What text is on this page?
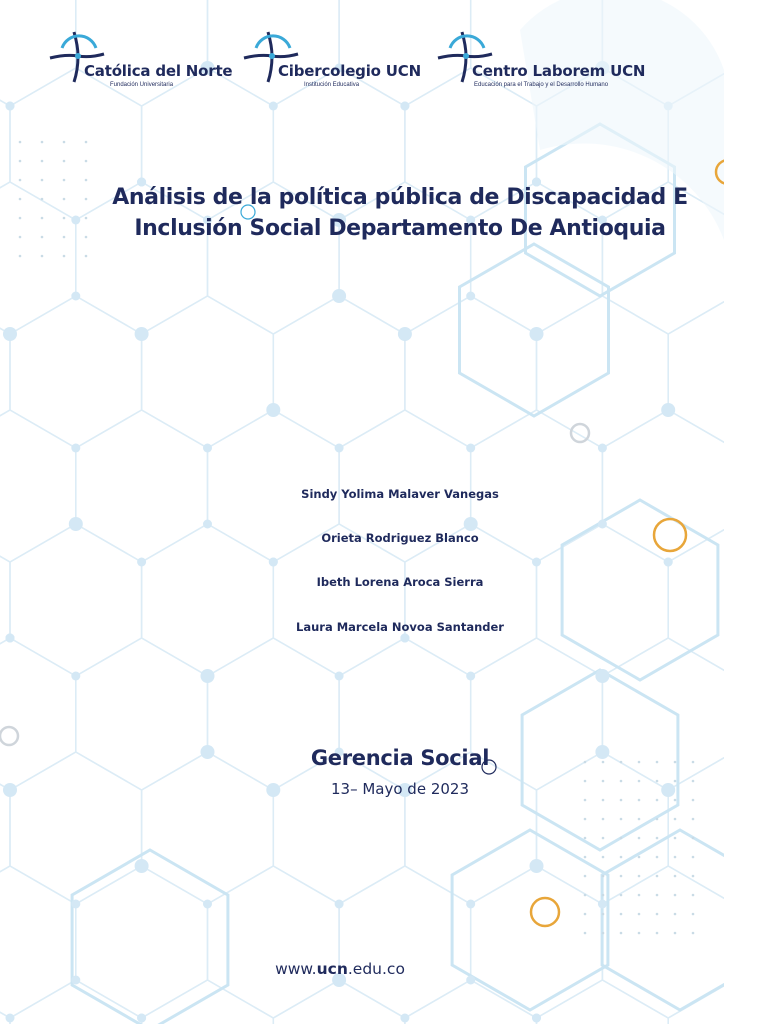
Católica del Norte
Fundación Universitaria
Cibercolegio UCN
Institución Educativa
Centro Laborem UCN
Educación para el Trabajo y el Desarrollo Humano
Análisis de la política pública de Discapacidad E
Inclusión Social Departamento De Antioquia
Sindy Yolima Malaver Vanegas
Orieta Rodriguez Blanco
Ibeth Lorena Aroca Sierra
Laura Marcela Novoa Santander
Gerencia Social
13– Mayo de 2023
www.ucn.edu.co
